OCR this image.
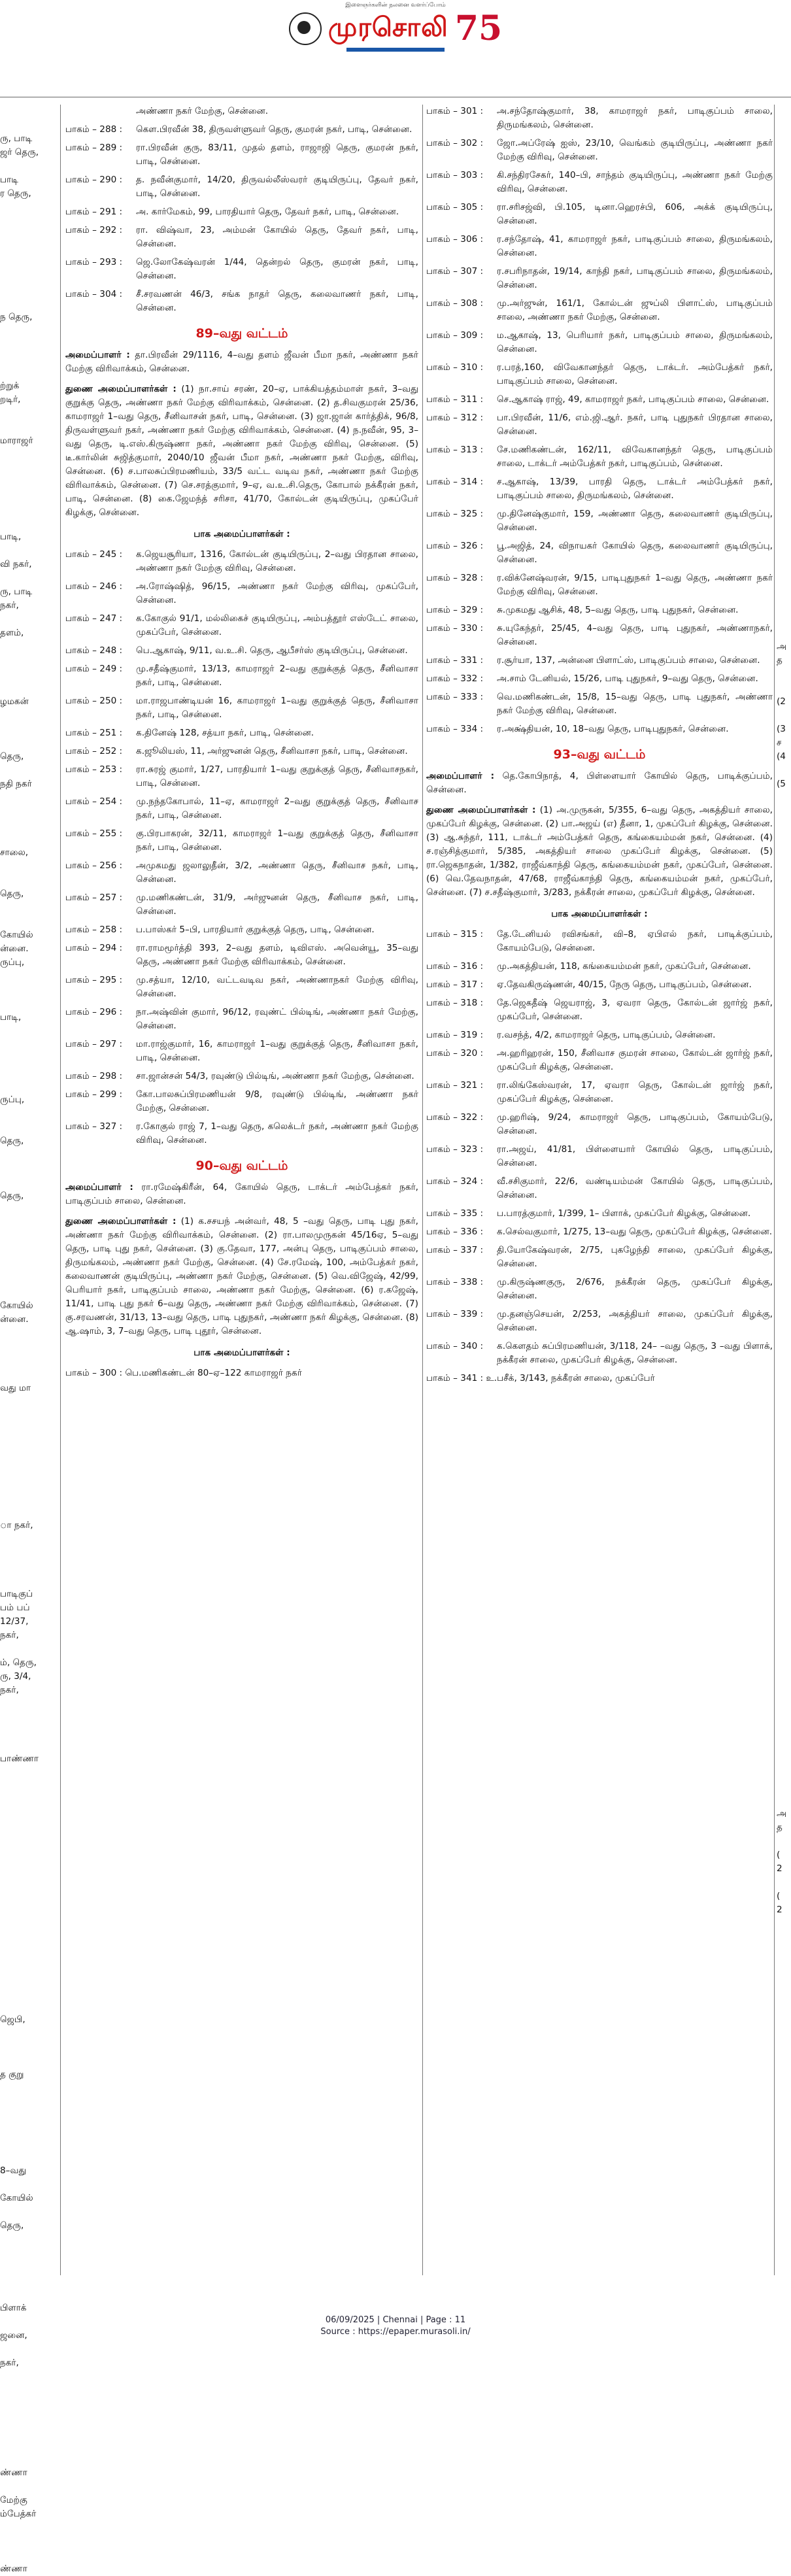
இளைஞர்களின் நலனை வளர்ப்போம்
முரசொலி 75
ரு, பாடி
ஜர் தெரு,
பாடி
ர தெரு,
ந தெரு,
ற்றுக்
றடிர்,
மாராஜர்
பாடி,
வி நகர்,
ரு, பாடி
நகர்,
தளம்,
ழமகன்
தெரு,
நதி நகர்
சாலை,
தெரு,
கோயில்
ன்னை.
ருப்பு,
பாடி,
ருப்பு,
தெரு,
தெரு,
கோயில்
ன்னை.
வது மா
ா நகர்,
பாடிகுப்
பம் பப்
12/37,
நகர்,
ம், தெரு,
ரு, 3/4,
நகர்,
பாண்ணா
ஜெபி,
த குறு
8–வது
கோயில்
தெரு,
பிளாக்
ஜனை,
நகர்,
ண்ணா
மேற்கு
ம்பேத்கர்
ண்ணா
அண்ணா நகர் மேற்கு, சென்னை.
பாகம் – 288 :	கெள.பிரவீன் 38, திருவள்ளுவர் தெரு, குமரன் நகர், பாடி, சென்னை.
பாகம் – 289 :	ரா.பிரவீன் குரு, 83/11, முதல் தளம், ராஜாஜி தெரு, குமரன் நகர், பாடி, சென்னை.
பாகம் – 290 :	த. நவீன்குமார், 14/20, திருவல்லீஸ்வரர் குடியிருப்பு, தேவர் நகர், பாடி, சென்னை.
பாகம் – 291 :	அ. கார்மேகம், 99, பாரதியார் தெரு, தேவர் நகர், பாடி, சென்னை.
பாகம் – 292 :	ரா. விஷ்வா, 23, அம்மன் கோயில் தெரு, தேவர் நகர், பாடி, சென்னை.
பாகம் – 293 :	ஜெ.லோகேஷ்வரன் 1/44, தென்றல் தெரு, குமரன் நகர், பாடி, சென்னை.
பாகம் – 304 :	சீ.சரவணன் 46/3, சங்க நாதர் தெரு, கலைவாணர் நகர், பாடி, சென்னை.
89–வது வட்டம்
அமைப்பாளர் : தா.பிரவீன் 29/1116, 4–வது தளம் ஜீவன் பீமா நகர், அண்ணா நகர் மேற்கு விரிவாக்கம், சென்னை.
துணை அமைப்பாளர்கள் : (1) நா.சாய் சரண், 20–ஏ, பாக்கியத்தம்மாள் நகர், 3–வது குறுக்கு தெரு, அண்ணா நகர் மேற்கு விரிவாக்கம், சென்னை. (2) த.சிவகுமரன் 25/36, காமராஜர் 1–வது தெரு, சீனிவாசன் நகர், பாடி, சென்னை. (3) ஜா.ஜான் கார்த்திக், 96/8, திருவள்ளுவர் நகர், அண்ணா நகர் மேற்கு விரிவாக்கம், சென்னை. (4) ந.நவீன், 95, 3–வது தெரு, டி.எஸ்.கிருஷ்ணா நகர், அண்ணா நகர் மேற்கு விரிவு, சென்னை. (5) டீ.கார்லின் சுஜித்குமார், 2040/10 ஜீவன் பீமா நகர், அண்ணா நகர் மேற்கு, விரிவு, சென்னை. (6) ச.பாலசுப்பிரமணியம், 33/5 வட்ட வடிவ நகர், அண்ணா நகர் மேற்கு விரிவாக்கம், சென்னை. (7) செ.சரத்குமார், 9–ஏ, வ.உ.சி.தெரு, கோபால் நக்கீரன் நகர், பாடி, சென்னை. (8) கை.ஜேமந்த் சரிசா, 41/70, கோல்டன் குடியிருப்பு, முகப்பேர் கிழக்கு, சென்னை.
பாக அமைப்பாளர்கள் :
பாகம் – 245 :	க.ஜெயசூரியா, 1316, கோல்டன் குடியிருப்பு, 2–வது பிரதான சாலை, அண்ணா நகர் மேற்கு விரிவு, சென்னை.
பாகம் – 246 :	அ.ரோஷ்ஷித், 96/15, அண்ணா நகர் மேற்கு விரிவு, முகப்பேர், சென்னை.
பாகம் – 247 :	க.கோகுல் 91/1, மல்லிகைச் குடியிருப்பு, அம்பத்தூர் எஸ்டேட் சாலை, முகப்பேர், சென்னை.
பாகம் – 248 :	பெ.ஆகாஷ், 9/11, வ.உ.சி. தெரு, ஆபீசர்ஸ் குடியிருப்பு, சென்னை.
பாகம் – 249 :	மு.சதீஷ்குமார், 13/13, காமராஜர் 2–வது குறுக்குத் தெரு, சீனிவாசா நகர், பாடி, சென்னை.
பாகம் – 250 :	மா.ராஜபாண்டியன் 16, காமராஜர் 1–வது குறுக்குத் தெரு, சீனிவாசா நகர், பாடி, சென்னை.
பாகம் – 251 :	க.தினேஷ் 128, சத்யா நகர், பாடி, சென்னை.
பாகம் – 252 :	க.ஜூலியஸ், 11, அர்ஜுனன் தெரு, சீனிவாசா நகர், பாடி, சென்னை.
பாகம் – 253 :	ரா.சுரஜ் குமார், 1/27, பாரதியார் 1–வது குறுக்குத் தெரு, சீனிவாசநகர், பாடி, சென்னை.
பாகம் – 254 :	மு.நந்தகோபால், 11–ஏ, காமராஜர் 2–வது குறுக்குத் தெரு, சீனிவாச நகர், பாடி, சென்னை.
பாகம் – 255 :	கு.பிரபாகரன், 32/11, காமராஜர் 1–வது குறுக்குத் தெரு, சீனிவாசா நகர், பாடி, சென்னை.
பாகம் – 256 :	அமுகமது ஜலாலுதீன், 3/2, அண்ணா தெரு, சீனிவாச நகர், பாடி, சென்னை.
பாகம் – 257 :	மு.மணிகண்டன், 31/9, அர்ஜுனன் தெரு, சீனிவாச நகர், பாடி, சென்னை.
பாகம் – 258 :	ப.பாஸ்கர் 5–பி, பாரதியார் குறுக்குத் தெரு, பாடி, சென்னை.
பாகம் – 294 :	ரா.ராமமூர்த்தி 393, 2–வது தளம், டிவிஎஸ். அவென்யூ, 35–வது தெரு, அண்ணா நகர் மேற்கு விரிவாக்கம், சென்னை.
பாகம் – 295 :	மு.சத்யா, 12/10, வட்டவடிவ நகர், அண்ணாநகர் மேற்கு விரிவு, சென்னை.
பாகம் – 296 :	நா.அஷ்வின் குமார், 96/12, ரவுண்ட் பில்டிங், அண்ணா நகர் மேற்கு, சென்னை.
பாகம் – 297 :	மா.ராஜ்குமார், 16, காமராஜர் 1–வது குறுக்குத் தெரு, சீனிவாசா நகர், பாடி, சென்னை.
பாகம் – 298 :	சா.ஜான்சன் 54/3, ரவுண்டு பில்டிங், அண்ணா நகர் மேற்கு, சென்னை.
பாகம் – 299 :	கோ.பாலசுப்பிரமணியன் 9/8, ரவுண்டு பில்டிங், அண்ணா நகர் மேற்கு, சென்னை.
பாகம் – 327 :	ர.கோகுல் ராஜ் 7, 1–வது தெரு, கலெக்டர் நகர், அண்ணா நகர் மேற்கு விரிவு, சென்னை.
90–வது வட்டம்
அமைப்பாளர் : ரா.ரமேஷ்கிரீன், 64, கோயில் தெரு, டாக்டர் அம்பேத்கர் நகர், பாடிகுப்பம் சாலை, சென்னை.
துணை அமைப்பாளர்கள் : (1) க.சசயந் அன்வர், 48, 5 –வது தெரு, பாடி புது நகர், அண்ணா நகர் மேற்கு விரிவாக்கம், சென்னை. (2) ரா.பாலமுருகன் 45/16ஏ, 5–வது தெரு, பாடி புது நகர், சென்னை. (3) கு.தேவா, 177, அன்பு தெரு, பாடிகுப்பம் சாலை, திருமங்கலம், அண்ணா நகர் மேற்கு, சென்னை. (4) சே.ரமேஷ், 100, அம்பேத்கர் நகர், கலைவாணன் குடியிருப்பு, அண்ணா நகர் மேற்கு, சென்னை. (5) வெ.விஜேஷ், 42/99, பெரியார் நகர், பாடிகுப்பம் சாலை, அண்ணா நகர் மேற்கு, சென்னை. (6) ர.கஜேஷ், 11/41, பாடி புது நகர் 6–வது தெரு, அண்ணா நகர் மேற்கு விரிவாக்கம், சென்னை. (7) கு.சரவணன், 31/13, 13–வது தெரு, பாடி புதுநகர், அண்ணா நகர் கிழக்கு, சென்னை. (8) ஆ.ஷாம், 3, 7–வது தெரு, பாடி புதூர், சென்னை.
பாக அமைப்பாளர்கள் :
பாகம் – 300 : பெ.மணிகண்டன் 80–ஏ–122 காமராஜர் நகர்
பாகம் – 301 :	அ.சந்தோஷ்குமார், 38, காமராஜர் நகர், பாடிகுப்பம் சாலை, திருமங்கலம், சென்னை.
பாகம் – 302 :	ஜோ.அப்ரேஷ் ஐஸ், 23/10, வெங்கம் குடியிருப்பு, அண்ணா நகர் மேற்கு விரிவு, சென்னை.
பாகம் – 303 :	கி.சந்திரசேகர், 140–பி, சாந்தம் குடியிருப்பு, அண்ணா நகர் மேற்கு விரிவு, சென்னை.
பாகம் – 305 :	ரா.சரிசஜ்வி, பி.105, டினா.ஹெரச்பி, 606, அக்க் குடியிருப்பு, சென்னை.
பாகம் – 306 :	ர.சந்தோஷ், 41, காமராஜர் நகர், பாடிகுப்பம் சாலை, திருமங்கலம், சென்னை.
பாகம் – 307 :	ர.சபரிநாதன், 19/14, காந்தி நகர், பாடிகுப்பம் சாலை, திருமங்கலம், சென்னை.
பாகம் – 308 :	மு.அர்ஜுன், 161/1, கோல்டன் ஜுப்லி பிளாட்ஸ், பாடிகுப்பம் சாலை, அண்ணா நகர் மேற்கு, சென்னை.
பாகம் – 309 :	ம.ஆகாஷ், 13, பெரியார் நகர், பாடிகுப்பம் சாலை, திருமங்கலம், சென்னை.
பாகம் – 310 :	ர.பரத்,160, விவேகானந்தர் தெரு, டாக்டர். அம்பேத்கர் நகர், பாடிகுப்பம் சாலை, சென்னை.
பாகம் – 311 :	செ.ஆகாஷ் ராஜ், 49, காமராஜர் நகர், பாடிகுப்பம் சாலை, சென்னை.
பாகம் – 312 :	பா.பிரவீன், 11/6, எம்.ஜி.ஆர். நகர், பாடி புதுநகர் பிரதான சாலை, சென்னை.
பாகம் – 313 :	சே.மணிகண்டன், 162/11, விவேகானந்தர் தெரு, பாடிகுப்பம் சாலை, டாக்டர் அம்பேத்கர் நகர், பாடிகுப்பம், சென்னை.
பாகம் – 314 :	ச.ஆகாஷ், 13/39, பாரதி தெரு, டாக்டர் அம்பேத்கர் நகர், பாடிகுப்பம் சாலை, திருமங்கலம், சென்னை.
பாகம் – 325 :	மு.தினேஷ்குமார், 159, அண்ணா தெரு, கலைவாணர் குடியிருப்பு, சென்னை.
பாகம் – 326 :	பூ.அஜித், 24, விநாயகர் கோயில் தெரு, கலைவாணர் குடியிருப்பு, சென்னை.
பாகம் – 328 :	ர.விக்னேஷ்வரன், 9/15, பாடிபுதுநகர் 1–வது தெரு, அண்ணா நகர் மேற்கு விரிவு, சென்னை.
பாகம் – 329 :	சு.முகமது ஆசிக், 48, 5–வது தெரு, பாடி புதுநகர், சென்னை.
பாகம் – 330 :	சு.யுகேந்தர், 25/45, 4–வது தெரு, பாடி புதுநகர், அண்ணாநகர், சென்னை.
பாகம் – 331 :	ர.சூர்யா, 137, அன்னை பிளாட்ஸ், பாடிகுப்பம் சாலை, சென்னை.
பாகம் – 332 :	அ.சாம் டேனியல், 15/26, பாடி புதுநகர், 9–வது தெரு, சென்னை.
பாகம் – 333 :	வெ.மணிகண்டன், 15/8, 15–வது தெரு, பாடி புதுநகர், அண்ணா நகர் மேற்கு விரிவு, சென்னை.
பாகம் – 334 :	ர.அக்ஷ்தியன், 10, 18–வது தெரு, பாடிபுதுநகர், சென்னை.
93–வது வட்டம்
அமைப்பாளர் : தெ.கோபிநாத், 4, பிள்ளையார் கோயில் தெரு, பாடிக்குப்பம், சென்னை.
துணை அமைப்பாளர்கள் : (1) அ.முருகன், 5/355, 6–வது தெரு, அகத்தியர் சாலை, முகப்பேர் கிழக்கு, சென்னை. (2) பா.அஜய் (எ) தீனா, 1, முகப்பேர் கிழக்கு, சென்னை. (3) ஆ.சுந்தர், 111, டாக்டர் அம்பேத்கர் தெரு, கங்கையம்மன் நகர், சென்னை. (4) ச.ரஞ்சித்குமார், 5/385, அகத்தியர் சாலை முகப்பேர் கிழக்கு, சென்னை. (5) ரா.ஜெகநாதன், 1/382, ராஜீவ்காந்தி தெரு, கங்கையம்மன் நகர், முகப்பேர், சென்னை. (6) வெ.தேவநாதன், 47/68, ராஜீவ்காந்தி தெரு, கங்கையம்மன் நகர், முகப்பேர், சென்னை. (7) ச.சதீஷ்குமார், 3/283, நக்கீரன் சாலை, முகப்பேர் கிழக்கு, சென்னை.
பாக அமைப்பாளர்கள் :
பாகம் – 315 :	தே.டேனியல் ரவிசங்கர், வி–8, ஏபிஎல் நகர், பாடிக்குப்பம், கோயம்பேடு, சென்னை.
பாகம் – 316 :	மு.அகத்தியன், 118, கங்கையம்மன் நகர், முகப்பேர், சென்னை.
பாகம் – 317 :	ஏ.தேவகிருஷ்ணன், 40/15, நேரு தெரு, பாடிகுப்பம், சென்னை.
பாகம் – 318 :	தே.ஜெகதீஷ் ஜெயராஜ், 3, ஏவரா தெரு, கோல்டன் ஜார்ஜ் நகர், முகப்பேர், சென்னை.
பாகம் – 319 :	ர.வசந்த், 4/2, காமராஜர் தெரு, பாடிகுப்பம், சென்னை.
பாகம் – 320 :	அ.ஹரிஹரன், 150, சீனிவாச குமரன் சாலை, கோல்டன் ஜார்ஜ் நகர், முகப்பேர் கிழக்கு, சென்னை.
பாகம் – 321 :	ரா.லிங்கேஸ்வரன், 17, ஏவரா தெரு, கோல்டன் ஜார்ஜ் நகர், முகப்பேர் கிழக்கு, சென்னை.
பாகம் – 322 :	மு.ஹரிஷ், 9/24, காமராஜர் தெரு, பாடிகுப்பம், கோயம்பேடு, சென்னை.
பாகம் – 323 :	ரா.அஜய், 41/81, பிள்ளையார் கோயில் தெரு, பாடிகுப்பம், சென்னை.
பாகம் – 324 :	வீ.சசிகுமார், 22/6, வண்டியம்மன் கோயில் தெரு, பாடிகுப்பம், சென்னை.
பாகம் – 335 :	ப.பாரத்குமார், 1/399, 1– பிளாக், முகப்பேர் கிழக்கு, சென்னை.
பாகம் – 336 :	க.செல்வகுமார், 1/275, 13–வது தெரு, முகப்பேர் கிழக்கு, சென்னை.
பாகம் – 337 :	தி.யோகேஷ்வரன், 2/75, புகழேந்தி சாலை, முகப்பேர் கிழக்கு, சென்னை.
பாகம் – 338 :	மு.கிருஷ்ணகுரு, 2/676, நக்கீரன் தெரு, முகப்பேர் கிழக்கு, சென்னை.
பாகம் – 339 :	மு.தனஞ்செயன், 2/253, அகத்தியர் சாலை, முகப்பேர் கிழக்கு, சென்னை.
பாகம் – 340 :	க.கௌதம் சுப்பிரமணியன், 3/118, 24– –வது தெரு, 3 –வது பிளாக், நக்கீரன் சாலை, முகப்பேர் கிழக்கு, சென்னை.
பாகம் – 341 : உ.பசீக், 3/143, நக்கீரன் சாலை, முகப்பேர்
அ
த
(2
(3
ச
(4
(5
அ
த
(
2
(
2
06/09/2025 | Chennai | Page : 11
Source : https://epaper.murasoli.in/
